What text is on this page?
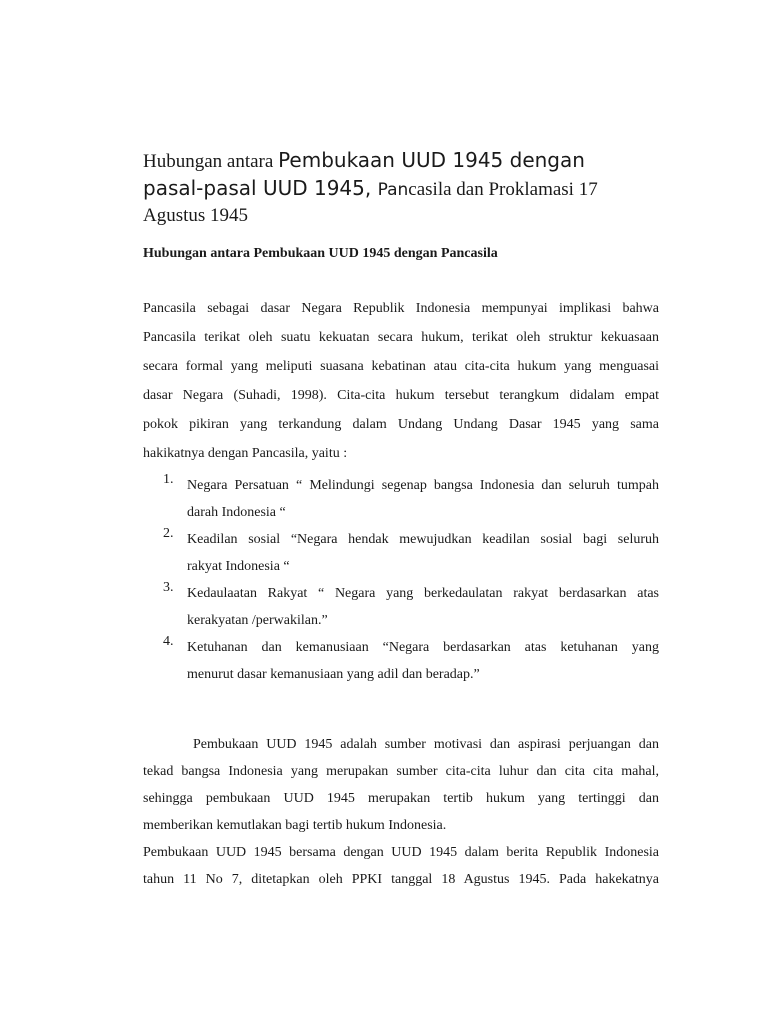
Hubungan antara Pembukaan UUD 1945 dengan pasal-pasal UUD 1945, Pancasila dan Proklamasi 17 Agustus 1945
Hubungan antara Pembukaan UUD 1945 dengan Pancasila
Pancasila sebagai dasar Negara Republik Indonesia mempunyai implikasi bahwa
Pancasila terikat oleh suatu kekuatan secara hukum, terikat oleh struktur kekuasaan
secara formal yang meliputi suasana kebatinan atau cita-cita hukum yang menguasai
dasar Negara (Suhadi, 1998). Cita-cita hukum tersebut terangkum didalam empat
pokok pikiran yang terkandung dalam Undang Undang Dasar 1945 yang sama
hakikatnya dengan Pancasila, yaitu :
1. Negara Persatuan “ Melindungi segenap bangsa Indonesia dan seluruh tumpah
darah Indonesia “
2. Keadilan sosial “Negara hendak mewujudkan keadilan sosial bagi seluruh
rakyat Indonesia “
3. Kedaulaatan Rakyat “ Negara yang berkedaulatan rakyat berdasarkan atas
kerakyatan /perwakilan.”
4. Ketuhanan dan kemanusiaan “Negara berdasarkan atas ketuhanan yang
menurut dasar kemanusiaan yang adil dan beradap.”
Pembukaan UUD 1945 adalah sumber motivasi dan aspirasi perjuangan dan
tekad bangsa Indonesia yang merupakan sumber cita-cita luhur dan cita cita mahal,
sehingga pembukaan UUD 1945 merupakan tertib hukum yang tertinggi dan
memberikan kemutlakan bagi tertib hukum Indonesia.
Pembukaan UUD 1945 bersama dengan UUD 1945 dalam berita Republik Indonesia
tahun 11 No 7, ditetapkan oleh PPKI tanggal 18 Agustus 1945. Pada hakekatnya
